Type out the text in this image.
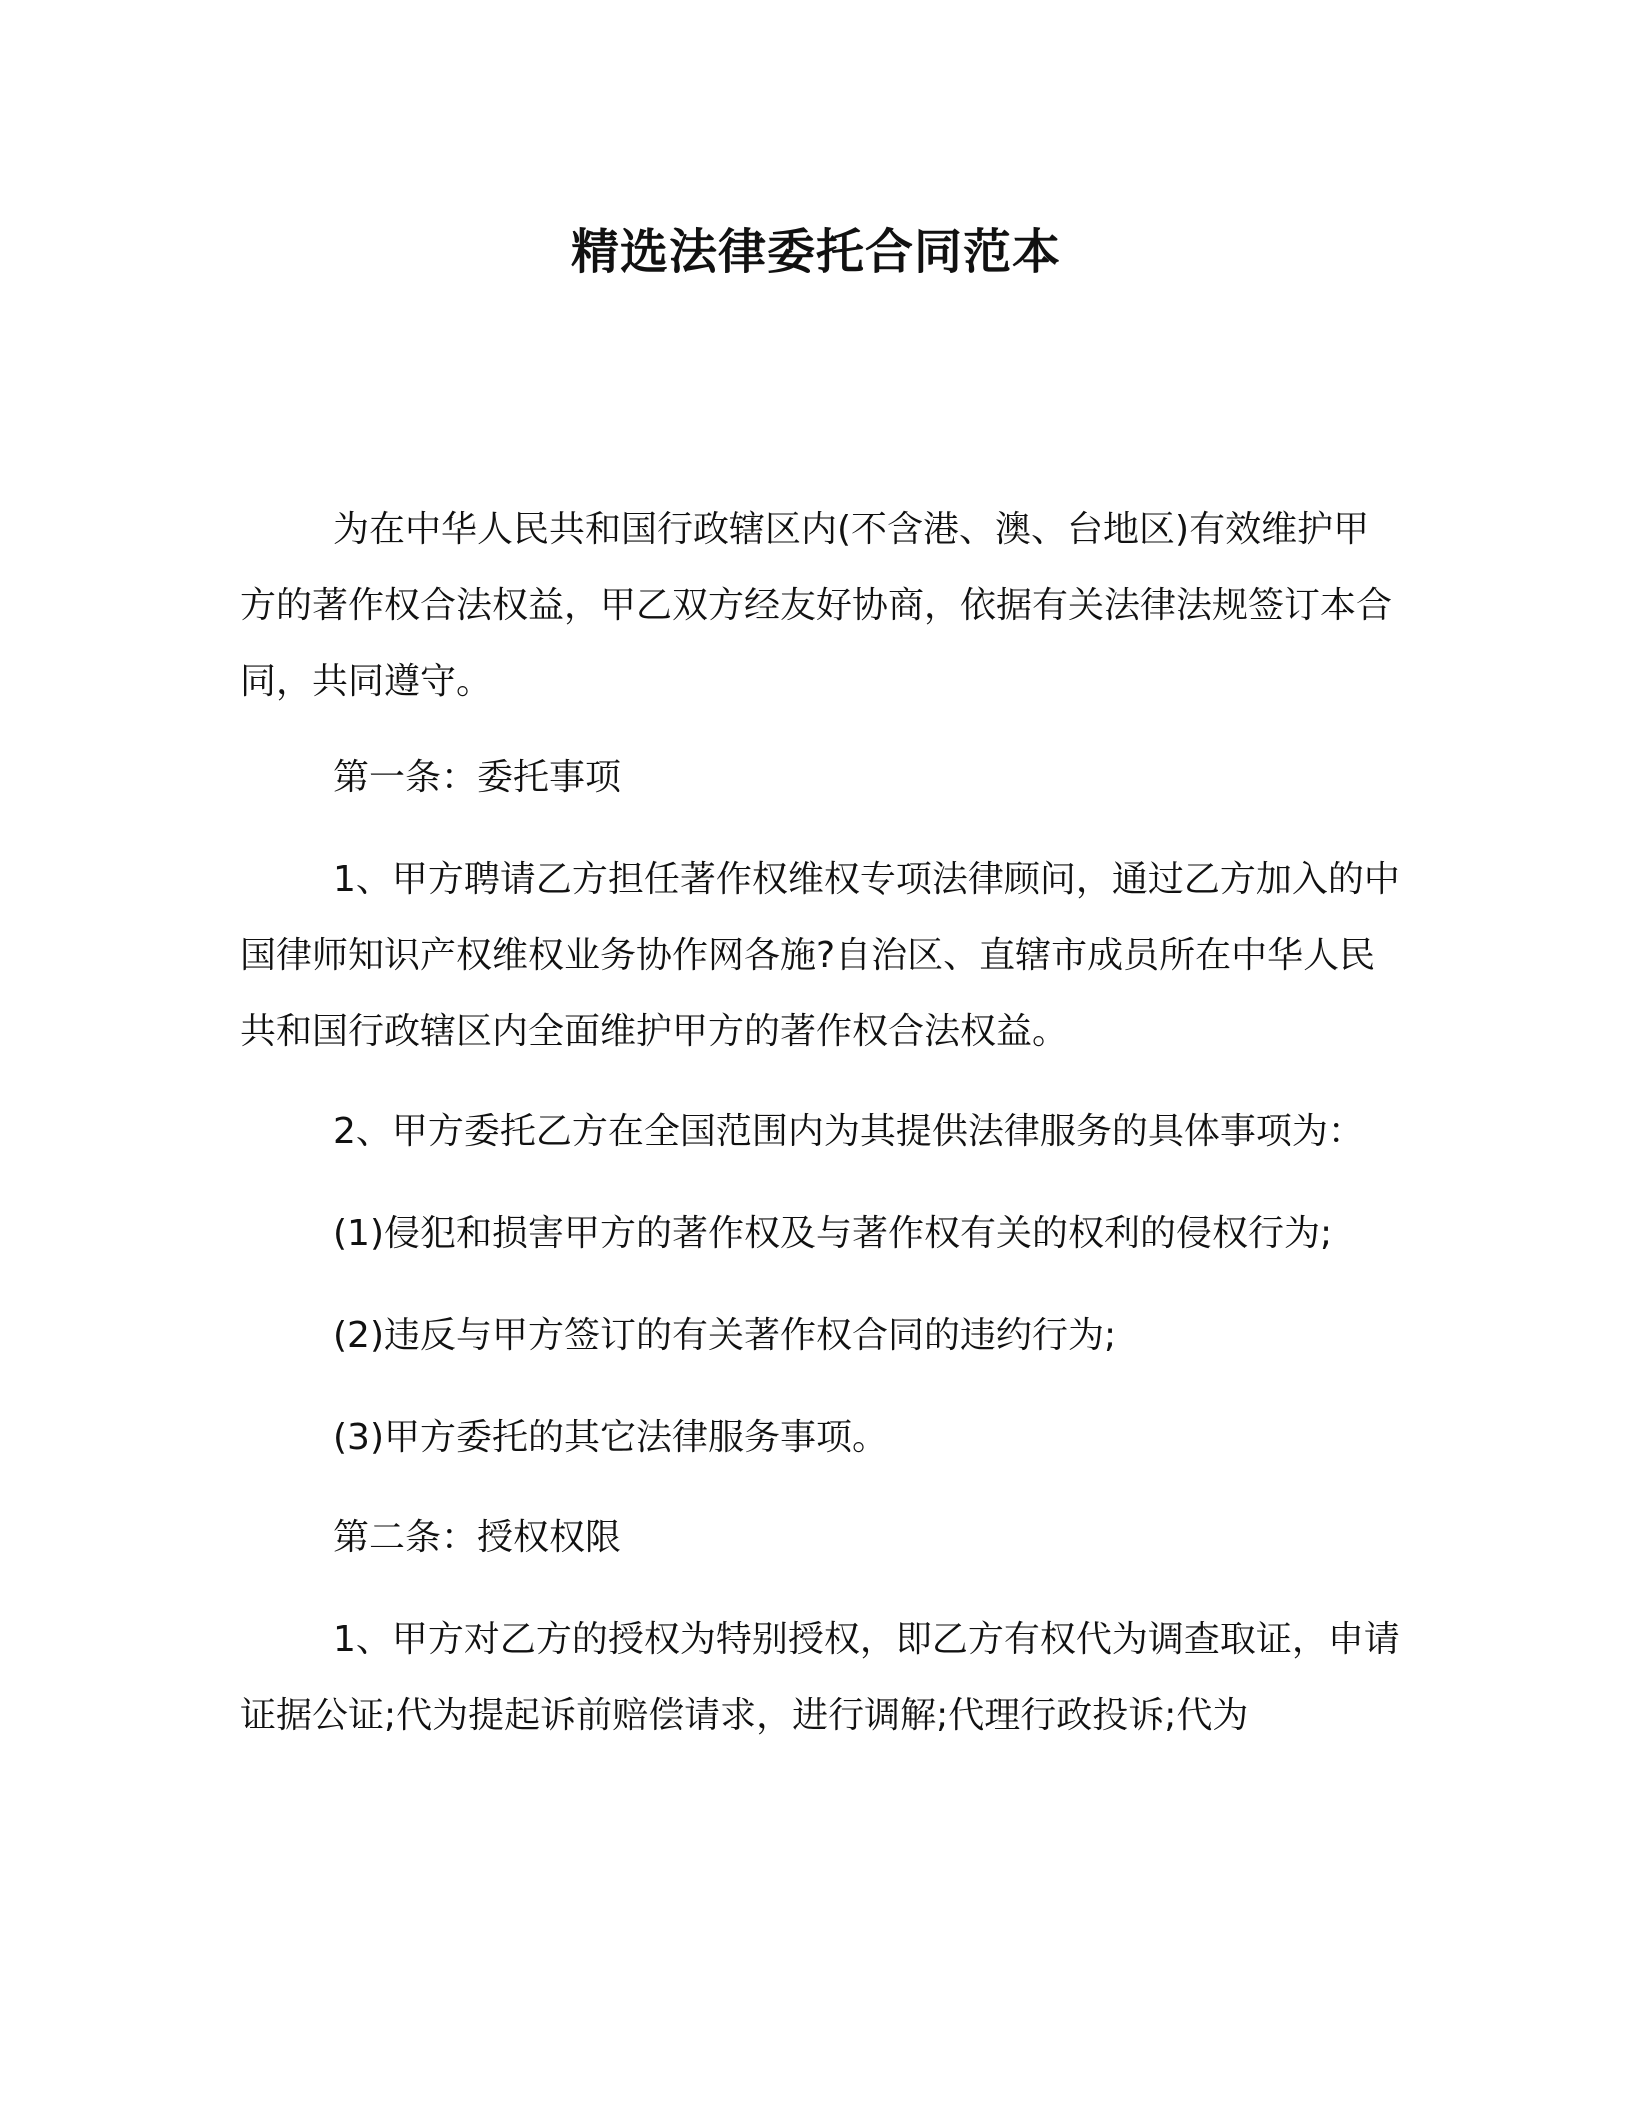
精选法律委托合同范本
为在中华人民共和国行政辖区内(不含港、澳、台地区)有效维护甲方的著作权合法权益，甲乙双方经友好协商，依据有关法律法规签订本合同，共同遵守。
第一条：委托事项
1、甲方聘请乙方担任著作权维权专项法律顾问，通过乙方加入的中国律师知识产权维权业务协作网各施?自治区、直辖市成员所在中华人民共和国行政辖区内全面维护甲方的著作权合法权益。
2、甲方委托乙方在全国范围内为其提供法律服务的具体事项为：
(1)侵犯和损害甲方的著作权及与著作权有关的权利的侵权行为;
(2)违反与甲方签订的有关著作权合同的违约行为;
(3)甲方委托的其它法律服务事项。
第二条：授权权限
1、甲方对乙方的授权为特别授权，即乙方有权代为调查取证，申请证据公证;代为提起诉前赔偿请求，进行调解;代理行政投诉;代为
